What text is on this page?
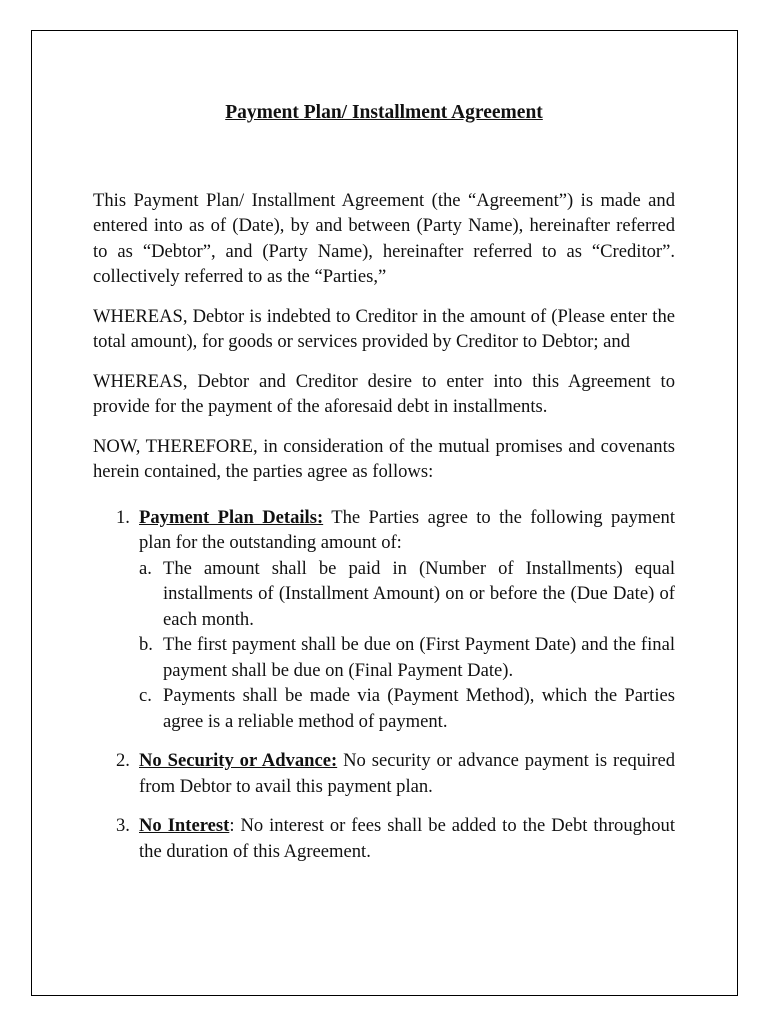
Payment Plan/ Installment Agreement

This Payment Plan/ Installment Agreement (the “Agreement”) is made and entered into as of (Date), by and between (Party Name), hereinafter referred to as “Debtor”, and (Party Name), hereinafter referred to as “Creditor”. collectively referred to as the “Parties,”

WHEREAS, Debtor is indebted to Creditor in the amount of (Please enter the total amount), for goods or services provided by Creditor to Debtor; and

WHEREAS, Debtor and Creditor desire to enter into this Agreement to provide for the payment of the aforesaid debt in installments.

NOW, THEREFORE, in consideration of the mutual promises and covenants herein contained, the parties agree as follows:

1. Payment Plan Details: The Parties agree to the following payment plan for the outstanding amount of:
a. The amount shall be paid in (Number of Installments) equal installments of (Installment Amount) on or before the (Due Date) of each month.
b. The first payment shall be due on (First Payment Date) and the final payment shall be due on (Final Payment Date).
c. Payments shall be made via (Payment Method), which the Parties agree is a reliable method of payment.
2. No Security or Advance: No security or advance payment is required from Debtor to avail this payment plan.
3. No Interest: No interest or fees shall be added to the Debt throughout the duration of this Agreement.
